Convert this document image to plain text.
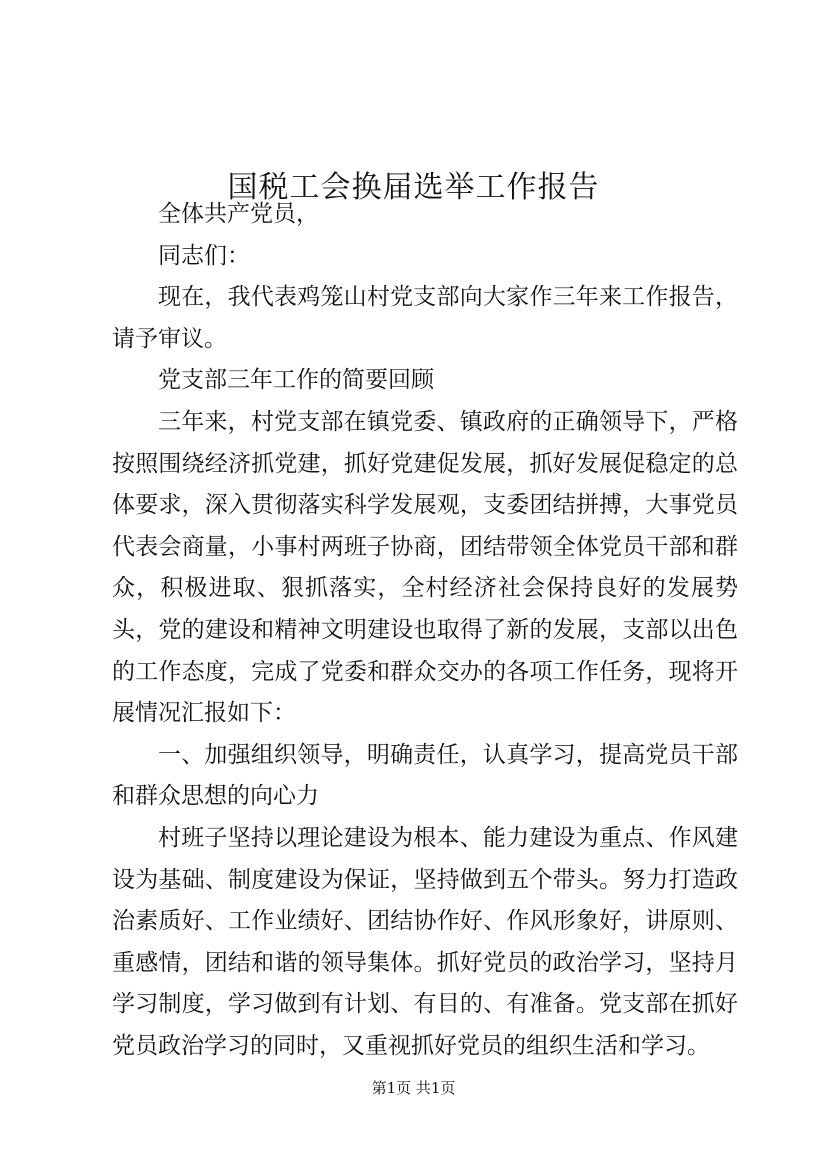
国税工会换届选举工作报告

全体共产党员，

同志们：

现在，我代表鸡笼山村党支部向大家作三年来工作报告，请予审议。

党支部三年工作的简要回顾

三年来，村党支部在镇党委、镇政府的正确领导下，严格按照围绕经济抓党建，抓好党建促发展，抓好发展促稳定的总体要求，深入贯彻落实科学发展观，支委团结拼搏，大事党员代表会商量，小事村两班子协商，团结带领全体党员干部和群众，积极进取、狠抓落实，全村经济社会保持良好的发展势头，党的建设和精神文明建设也取得了新的发展，支部以出色的工作态度，完成了党委和群众交办的各项工作任务，现将开展情况汇报如下：

一、加强组织领导，明确责任，认真学习，提高党员干部和群众思想的向心力

村班子坚持以理论建设为根本、能力建设为重点、作风建设为基础、制度建设为保证，坚持做到五个带头。努力打造政治素质好、工作业绩好、团结协作好、作风形象好，讲原则、重感情，团结和谐的领导集体。抓好党员的政治学习，坚持月学习制度，学习做到有计划、有目的、有准备。党支部在抓好党员政治学习的同时，又重视抓好党员的组织生活和学习。

第1页 共1页
